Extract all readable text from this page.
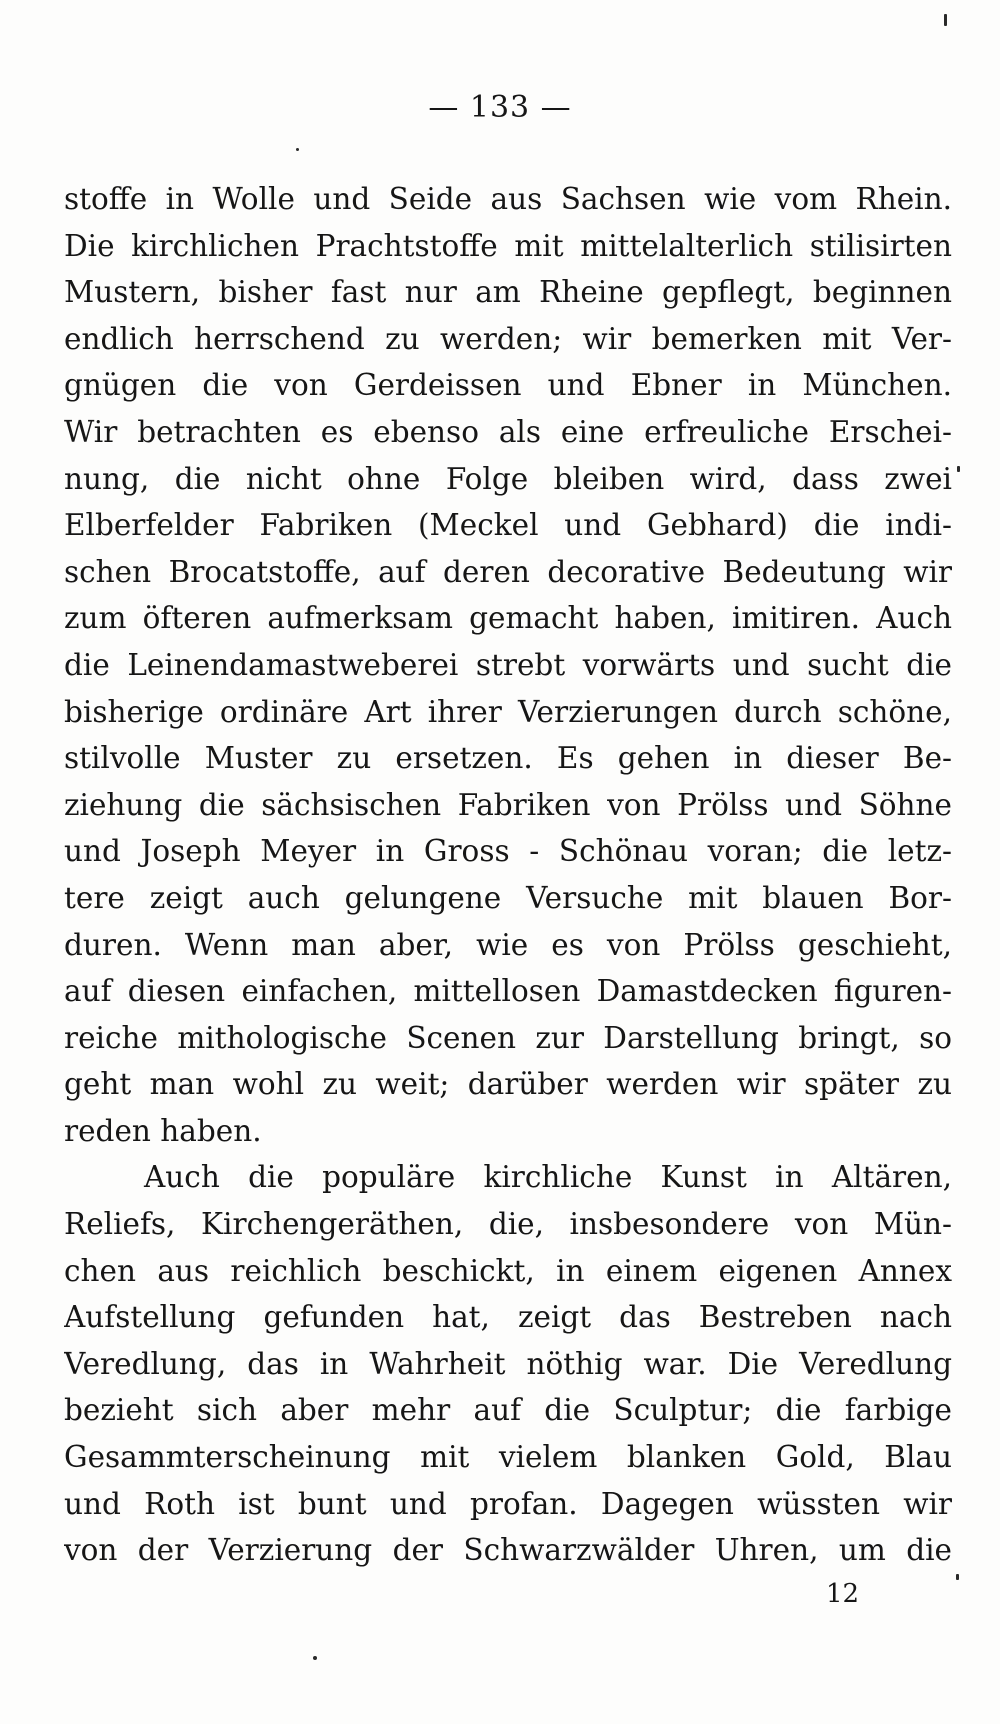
— 133 —
stoffe in Wolle und Seide aus Sachsen wie vom Rhein.
Die kirchlichen Prachtstoffe mit mittelalterlich stilisirten
Mustern, bisher fast nur am Rheine gepflegt, beginnen
endlich herrschend zu werden; wir bemerken mit Ver-
gnügen die von Gerdeissen und Ebner in München.
Wir betrachten es ebenso als eine erfreuliche Erschei-
nung, die nicht ohne Folge bleiben wird, dass zwei
Elberfelder Fabriken (Meckel und Gebhard) die indi-
schen Brocatstoffe, auf deren decorative Bedeutung wir
zum öfteren aufmerksam gemacht haben, imitiren. Auch
die Leinendamastweberei strebt vorwärts und sucht die
bisherige ordinäre Art ihrer Verzierungen durch schöne,
stilvolle Muster zu ersetzen. Es gehen in dieser Be-
ziehung die sächsischen Fabriken von Prölss und Söhne
und Joseph Meyer in Gross - Schönau voran; die letz-
tere zeigt auch gelungene Versuche mit blauen Bor-
duren. Wenn man aber, wie es von Prölss geschieht,
auf diesen einfachen, mittellosen Damastdecken figuren-
reiche mithologische Scenen zur Darstellung bringt, so
geht man wohl zu weit; darüber werden wir später zu
reden haben.
Auch die populäre kirchliche Kunst in Altären,
Reliefs, Kirchengeräthen, die, insbesondere von Mün-
chen aus reichlich beschickt, in einem eigenen Annex
Aufstellung gefunden hat, zeigt das Bestreben nach
Veredlung, das in Wahrheit nöthig war. Die Veredlung
bezieht sich aber mehr auf die Sculptur; die farbige
Gesammterscheinung mit vielem blanken Gold, Blau
und Roth ist bunt und profan. Dagegen wüssten wir
von der Verzierung der Schwarzwälder Uhren, um die
12
